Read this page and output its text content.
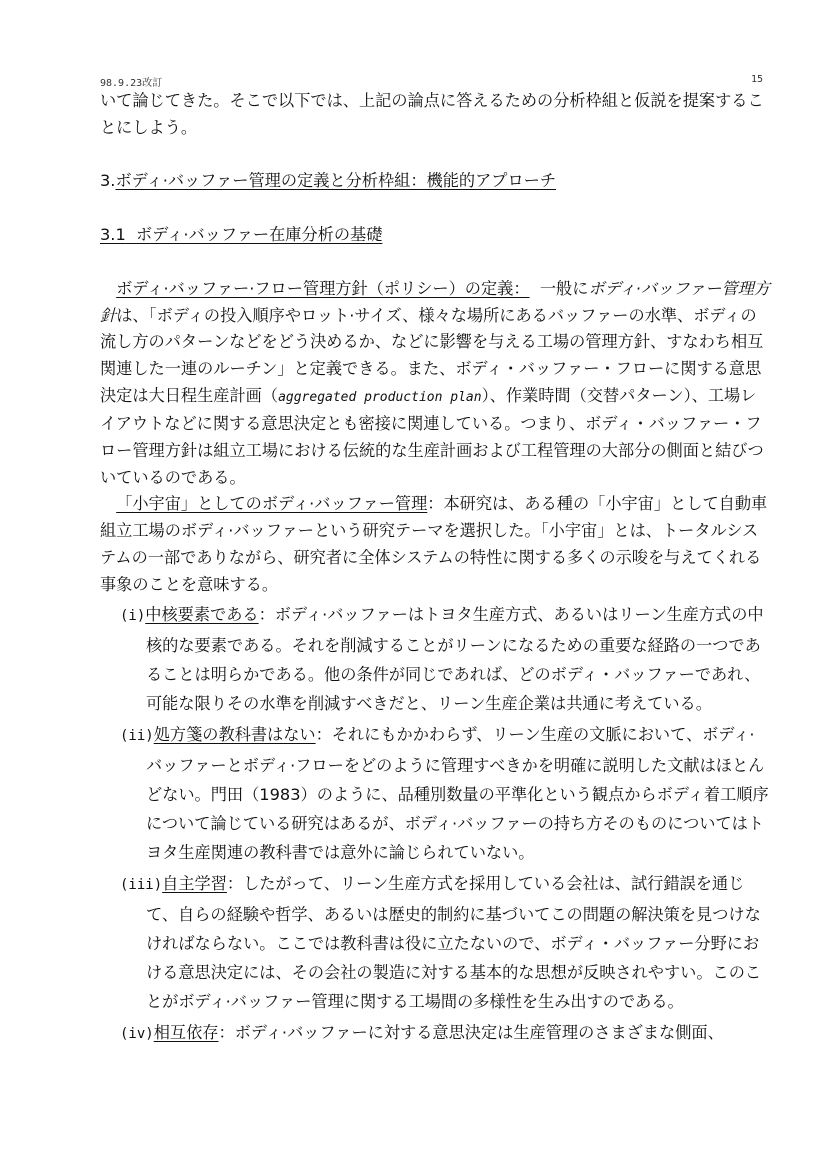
98.9.23改訂	15

いて論じてきた。そこで以下では、上記の論点に答えるための分析枠組と仮説を提案することにしよう。

3.ボディ·バッファー管理の定義と分析枠組：機能的アプローチ

3.1 ボディ·バッファー在庫分析の基礎

ボディ·バッファー·フロー管理方針（ポリシー）の定義： 一般にボディ·バッファー管理方針は、「ボディの投入順序やロット·サイズ、様々な場所にあるバッファーの水準、ボディの流し方のパターンなどをどう決めるか、などに影響を与える工場の管理方針、すなわち相互関連した一連のルーチン」と定義できる。また、ボディ・バッファー・フローに関する意思決定は大日程生産計画（aggregated production plan）、作業時間（交替パターン）、工場レイアウトなどに関する意思決定とも密接に関連している。つまり、ボディ・バッファー・フロー管理方針は組立工場における伝統的な生産計画および工程管理の大部分の側面と結びついているのである。

「小宇宙」としてのボディ·バッファー管理：本研究は、ある種の「小宇宙」として自動車組立工場のボディ·バッファーという研究テーマを選択した。「小宇宙」とは、トータルシステムの一部でありながら、研究者に全体システムの特性に関する多くの示唆を与えてくれる事象のことを意味する。

(i)中核要素である：ボディ·バッファーはトヨタ生産方式、あるいはリーン生産方式の中核的な要素である。それを削減することがリーンになるための重要な経路の一つであることは明らかである。他の条件が同じであれば、どのボディ・バッファーであれ、可能な限りその水準を削減すべきだと、リーン生産企業は共通に考えている。
(ii)処方箋の教科書はない：それにもかかわらず、リーン生産の文脈において、ボディ·バッファーとボディ·フローをどのように管理すべきかを明確に説明した文献はほとんどない。門田（1983）のように、品種別数量の平準化という観点からボディ着工順序について論じている研究はあるが、ボディ·バッファーの持ち方そのものについてはトヨタ生産関連の教科書では意外に論じられていない。
(iii)自主学習：したがって、リーン生産方式を採用している会社は、試行錯誤を通じて、自らの経験や哲学、あるいは歴史的制約に基づいてこの問題の解決策を見つけなければならない。ここでは教科書は役に立たないので、ボディ・バッファー分野における意思決定には、その会社の製造に対する基本的な思想が反映されやすい。このことがボディ·バッファー管理に関する工場間の多様性を生み出すのである。
(iv)相互依存：ボディ·バッファーに対する意思決定は生産管理のさまざまな側面、
